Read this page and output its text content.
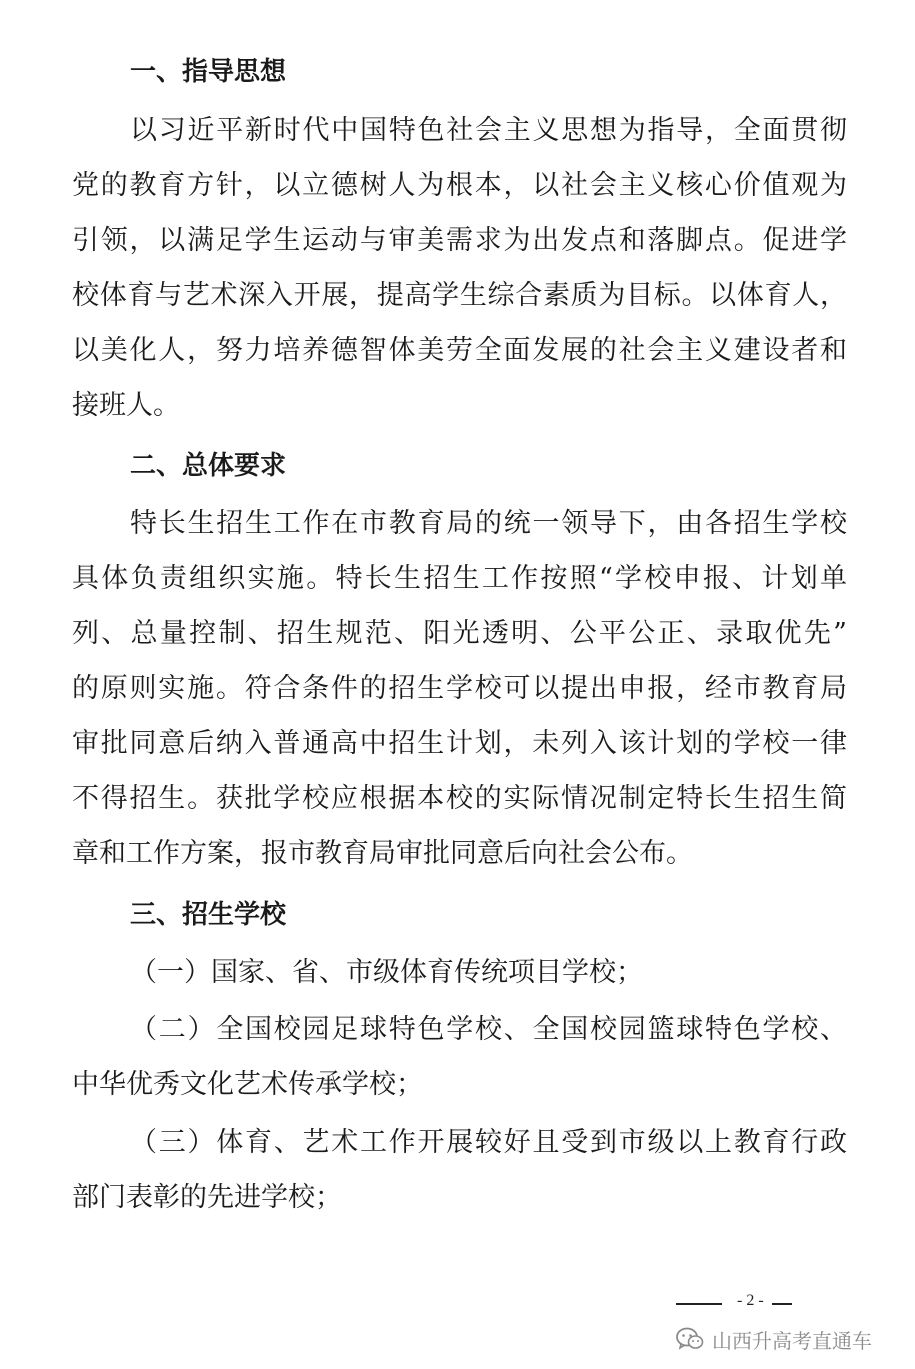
一、指导思想
以习近平新时代中国特色社会主义思想为指导，全面贯彻
党的教育方针，以立德树人为根本，以社会主义核心价值观为
引领，以满足学生运动与审美需求为出发点和落脚点。促进学
校体育与艺术深入开展，提高学生综合素质为目标。以体育人，
以美化人，努力培养德智体美劳全面发展的社会主义建设者和
接班人。
二、总体要求
特长生招生工作在市教育局的统一领导下，由各招生学校
具体负责组织实施。特长生招生工作按照“学校申报、计划单
列、总量控制、招生规范、阳光透明、公平公正、录取优先”
的原则实施。符合条件的招生学校可以提出申报，经市教育局
审批同意后纳入普通高中招生计划，未列入该计划的学校一律
不得招生。获批学校应根据本校的实际情况制定特长生招生简
章和工作方案，报市教育局审批同意后向社会公布。
三、招生学校
（一）国家、省、市级体育传统项目学校；
（二）全国校园足球特色学校、全国校园篮球特色学校、
中华优秀文化艺术传承学校；
（三）体育、艺术工作开展较好且受到市级以上教育行政
部门表彰的先进学校；
- 2 -
山西升高考直通车
